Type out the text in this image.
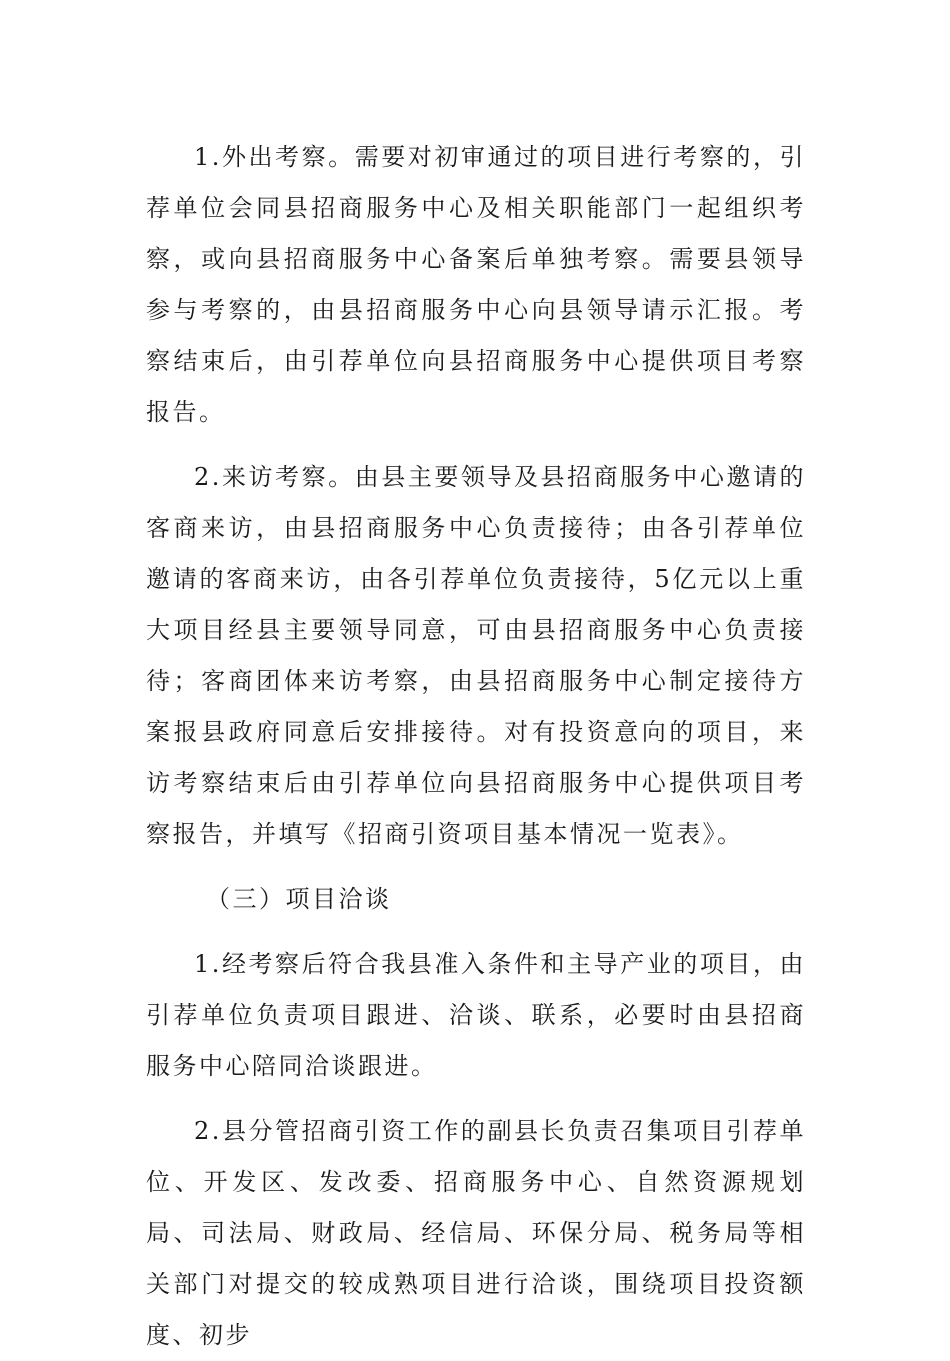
1.外出考察。需要对初审通过的项目进行考察的，引荐单位会同县招商服务中心及相关职能部门一起组织考察，或向县招商服务中心备案后单独考察。需要县领导参与考察的，由县招商服务中心向县领导请示汇报。考察结束后，由引荐单位向县招商服务中心提供项目考察报告。

2.来访考察。由县主要领导及县招商服务中心邀请的客商来访，由县招商服务中心负责接待；由各引荐单位邀请的客商来访，由各引荐单位负责接待，5亿元以上重大项目经县主要领导同意，可由县招商服务中心负责接待；客商团体来访考察，由县招商服务中心制定接待方案报县政府同意后安排接待。对有投资意向的项目，来访考察结束后由引荐单位向县招商服务中心提供项目考察报告，并填写《招商引资项目基本情况一览表》。

（三）项目洽谈

1.经考察后符合我县准入条件和主导产业的项目，由引荐单位负责项目跟进、洽谈、联系，必要时由县招商服务中心陪同洽谈跟进。

2.县分管招商引资工作的副县长负责召集项目引荐单位、开发区、发改委、招商服务中心、自然资源规划局、司法局、财政局、经信局、环保分局、税务局等相关部门对提交的较成熟项目进行洽谈，围绕项目投资额度、初步
